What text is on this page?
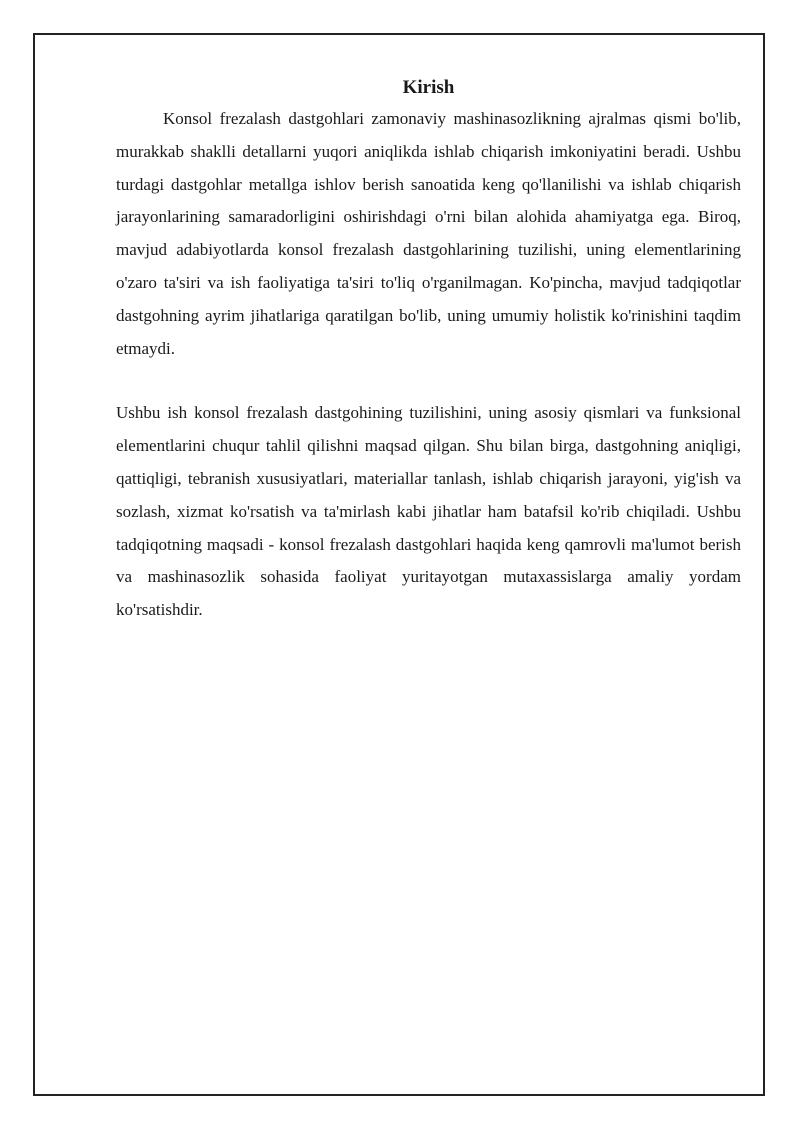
Kirish

Konsol frezalash dastgohlari zamonaviy mashinasozlikning ajralmas qismi bo'lib, murakkab shaklli detallarni yuqori aniqlikda ishlab chiqarish imkoniyatini beradi. Ushbu turdagi dastgohlar metallga ishlov berish sanoatida keng qo'llanilishi va ishlab chiqarish jarayonlarining samaradorligini oshirishdagi o'rni bilan alohida ahamiyatga ega. Biroq, mavjud adabiyotlarda konsol frezalash dastgohlarining tuzilishi, uning elementlarining o'zaro ta'siri va ish faoliyatiga ta'siri to'liq o'rganilmagan. Ko'pincha, mavjud tadqiqotlar dastgohning ayrim jihatlariga qaratilgan bo'lib, uning umumiy holistik ko'rinishini taqdim etmaydi.

Ushbu ish konsol frezalash dastgohining tuzilishini, uning asosiy qismlari va funksional elementlarini chuqur tahlil qilishni maqsad qilgan. Shu bilan birga, dastgohning aniqligi, qattiqligi, tebranish xususiyatlari, materiallar tanlash, ishlab chiqarish jarayoni, yig'ish va sozlash, xizmat ko'rsatish va ta'mirlash kabi jihatlar ham batafsil ko'rib chiqiladi. Ushbu tadqiqotning maqsadi - konsol frezalash dastgohlari haqida keng qamrovli ma'lumot berish va mashinasozlik sohasida faoliyat yuritayotgan mutaxassislarga amaliy yordam ko'rsatishdir.
